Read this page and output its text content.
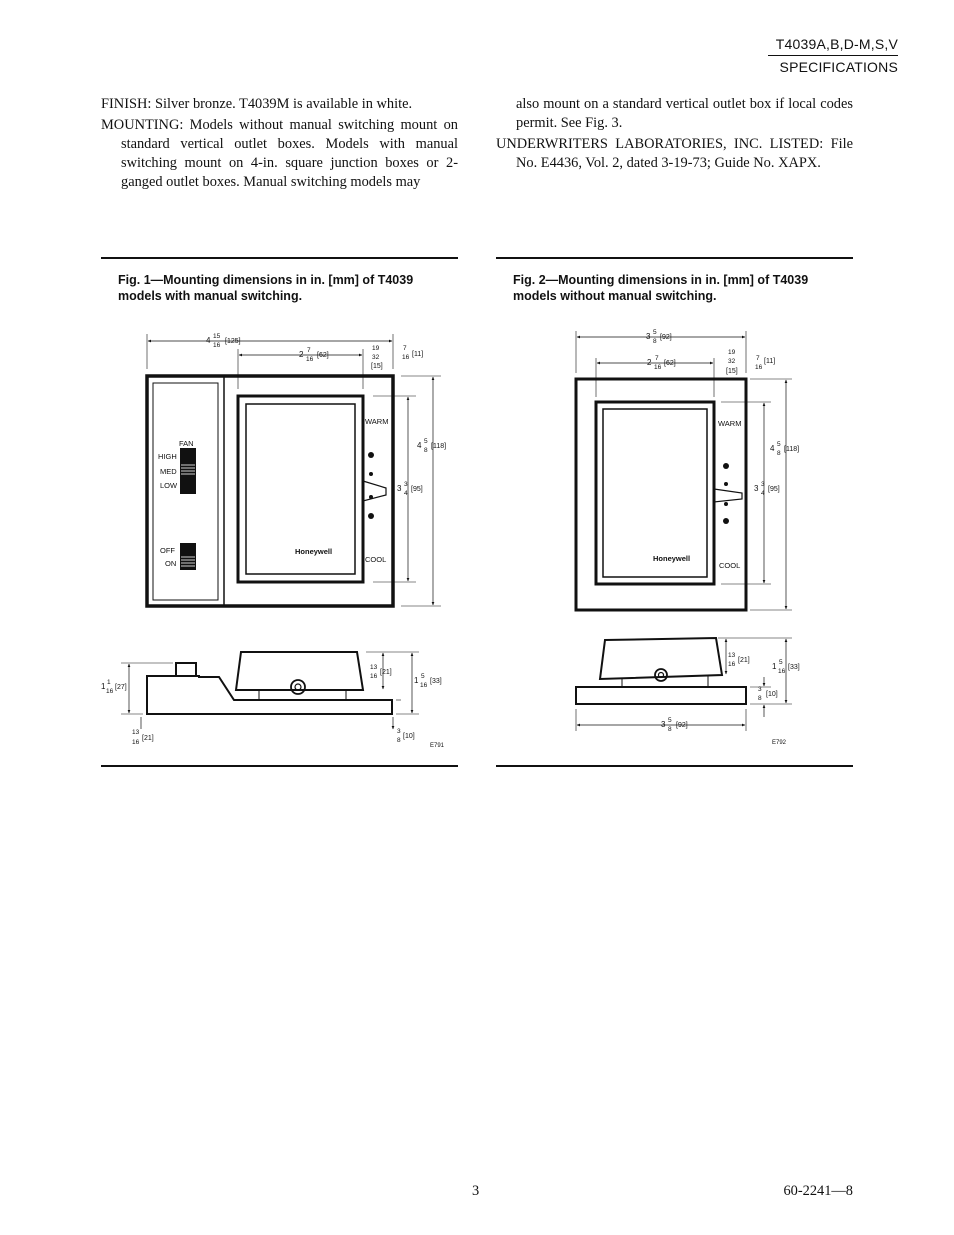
T4039A,B,D-M,S,V
SPECIFICATIONS

FINISH: Silver bronze. T4039M is available in white.

MOUNTING: Models without manual switching mount on standard vertical outlet boxes. Models with manual switching mount on 4-in. square junction boxes or 2-ganged outlet boxes. Manual switching models may

also mount on a standard vertical outlet box if local codes permit. See Fig. 3.

UNDERWRITERS LABORATORIES, INC. LISTED: File No. E4436, Vol. 2, dated 3-19-73; Guide No. XAPX.

Fig. 1—Mounting dimensions in in. [mm] of T4039 models with manual switching.
FAN
HIGH
MED
LOW
OFF
ON
WARM
COOL
Honeywell
4 15
16
[125]
2 7
16
[62]
19
32
[15]
7
16 [11]
4 5
8
[118]
3 3
4
[95]
1 1
16
[27]
13
16
[21]
13
16
[21]
1 5
16
[33]
3
8
[10]
E791
Fig. 2—Mounting dimensions in in. [mm] of T4039 models without manual switching.
WARM
COOL
Honeywell
3 5
8
[92]
2 7
16
[62]
19
32
[15]
7
16
[11]
4 5
8
[118]
3 3
4
[95]
13
16
[21]
1 5
16
[33]
3
8
[10]
3 5
8
[92]
E792
3	60-2241—8
